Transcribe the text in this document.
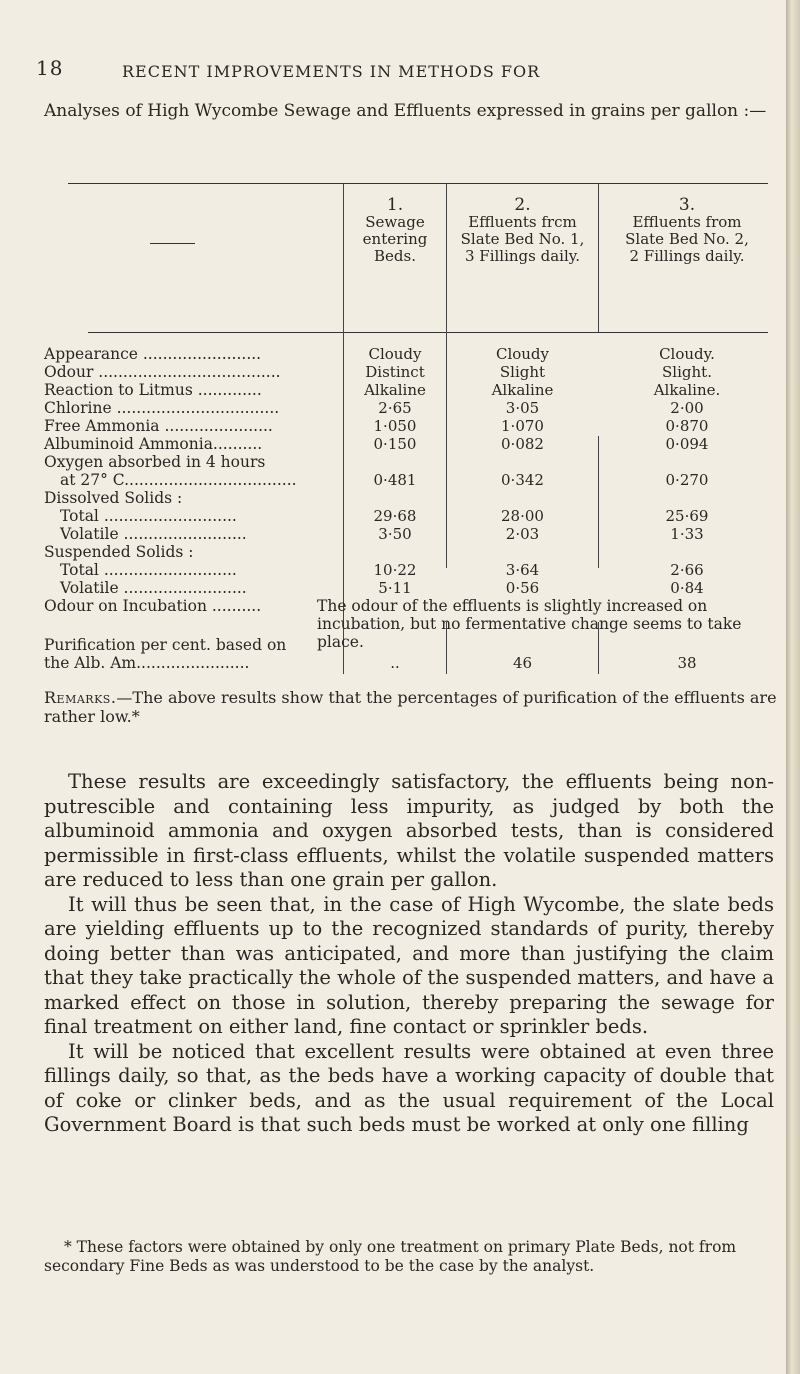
18	RECENT IMPROVEMENTS IN METHODS FOR
Analyses of High Wycombe Sewage and Effluents expressed in grains per gallon :—
1.
Sewage
entering
Beds.
2.
Effluents frcm
Slate Bed No. 1,
3 Fillings daily.
3.
Effluents from
Slate Bed No. 2,
2 Fillings daily.
Appearance ........................	Cloudy	Cloudy	Cloudy.
Odour .....................................	Distinct	Slight	Slight.
Reaction to Litmus .............	Alkaline	Alkaline	Alkaline.
Chlorine .................................	2·65	3·05	2·00
Free Ammonia ......................	1·050	1·070	0·870
Albuminoid Ammonia..........	0·150	0·082	0·094
Oxygen absorbed in 4 hours
at 27° C...................................	0·481	0·342	0·270
Dissolved Solids :
Total ...........................	29·68	28·00	25·69
Volatile .........................	3·50	2·03	1·33
Suspended Solids :
Total ...........................	10·22	3·64	2·66
Volatile .........................	5·11	0·56	0·84
Odour on Incubation ..........	The odour of the effluents is slightly increased on incubation, but no fermentative change seems to take place.
Purification per cent. based on
the Alb. Am.......................	..	46	38
Remarks.—The above results show that the percentages of purification of the effluents are rather low.*

These results are exceedingly satisfactory, the effluents being non-putrescible and containing less impurity, as judged by both the albuminoid ammonia and oxygen absorbed tests, than is considered permissible in first-class effluents, whilst the volatile suspended matters are reduced to less than one grain per gallon.

It will thus be seen that, in the case of High Wycombe, the slate beds are yielding effluents up to the recognized standards of purity, thereby doing better than was anticipated, and more than justifying the claim that they take practically the whole of the suspended matters, and have a marked effect on those in solution, thereby preparing the sewage for final treatment on either land, fine contact or sprinkler beds.

It will be noticed that excellent results were obtained at even three fillings daily, so that, as the beds have a working capacity of double that of coke or clinker beds, and as the usual requirement of the Local Government Board is that such beds must be worked at only one filling

* These factors were obtained by only one treatment on primary Plate Beds, not from secondary Fine Beds as was understood to be the case by the analyst.
